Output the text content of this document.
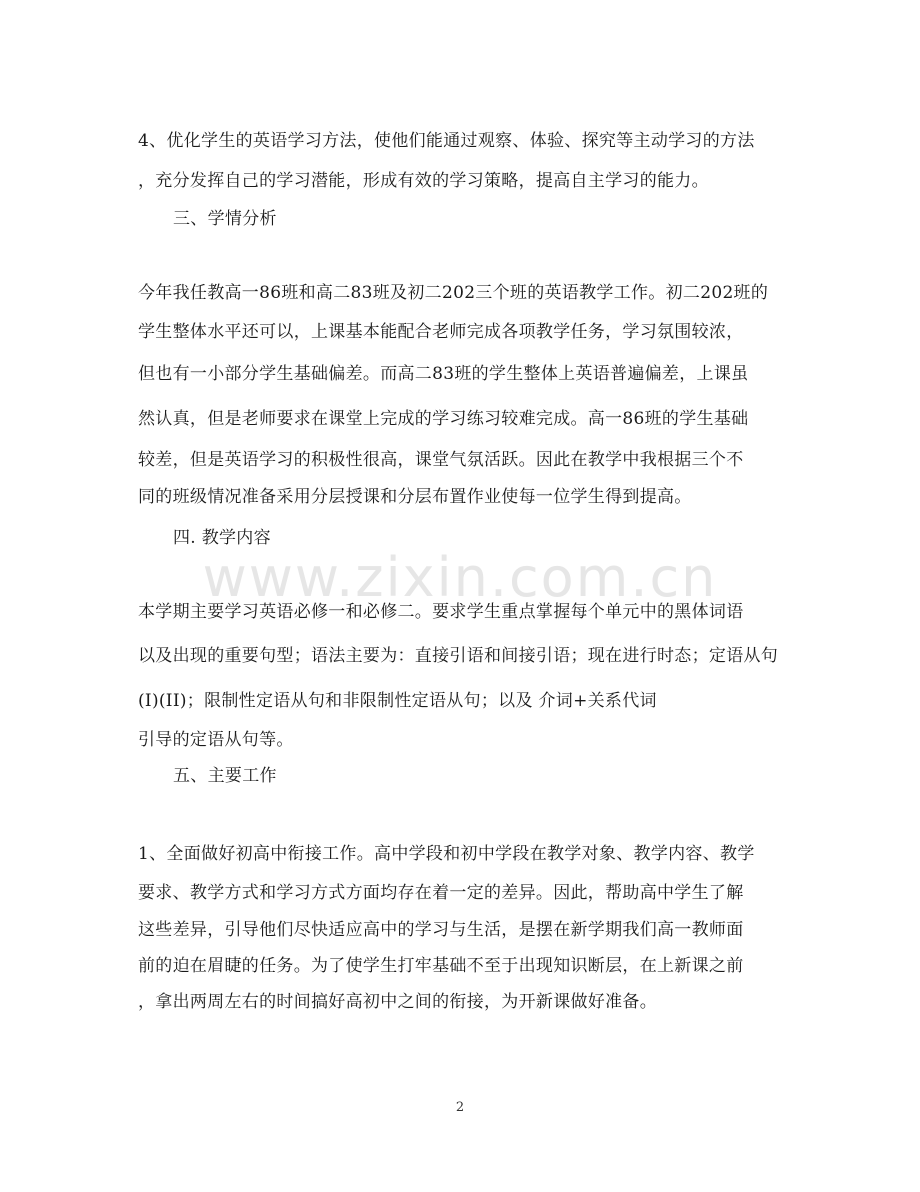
www.zixin.com.cn
4、优化学生的英语学习方法，使他们能通过观察、体验、探究等主动学习的方法
，充分发挥自己的学习潜能，形成有效的学习策略，提高自主学习的能力。
三、学情分析
今年我任教高一86班和高二83班及初二202三个班的英语教学工作。初二202班的
学生整体水平还可以，上课基本能配合老师完成各项教学任务，学习氛围较浓，
但也有一小部分学生基础偏差。而高二83班的学生整体上英语普遍偏差，上课虽
然认真，但是老师要求在课堂上完成的学习练习较难完成。高一86班的学生基础
较差，但是英语学习的积极性很高，课堂气氛活跃。因此在教学中我根据三个不
同的班级情况准备采用分层授课和分层布置作业使每一位学生得到提高。
四. 教学内容
本学期主要学习英语必修一和必修二。要求学生重点掌握每个单元中的黑体词语
以及出现的重要句型；语法主要为：直接引语和间接引语；现在进行时态；定语从句
(I)(II)；限制性定语从句和非限制性定语从句；以及 介词+关系代词
引导的定语从句等。
五、主要工作
1、全面做好初高中衔接工作。高中学段和初中学段在教学对象、教学内容、教学
要求、教学方式和学习方式方面均存在着一定的差异。因此，帮助高中学生了解
这些差异，引导他们尽快适应高中的学习与生活，是摆在新学期我们高一教师面
前的迫在眉睫的任务。为了使学生打牢基础不至于出现知识断层，在上新课之前
，拿出两周左右的时间搞好高初中之间的衔接，为开新课做好准备。
2
